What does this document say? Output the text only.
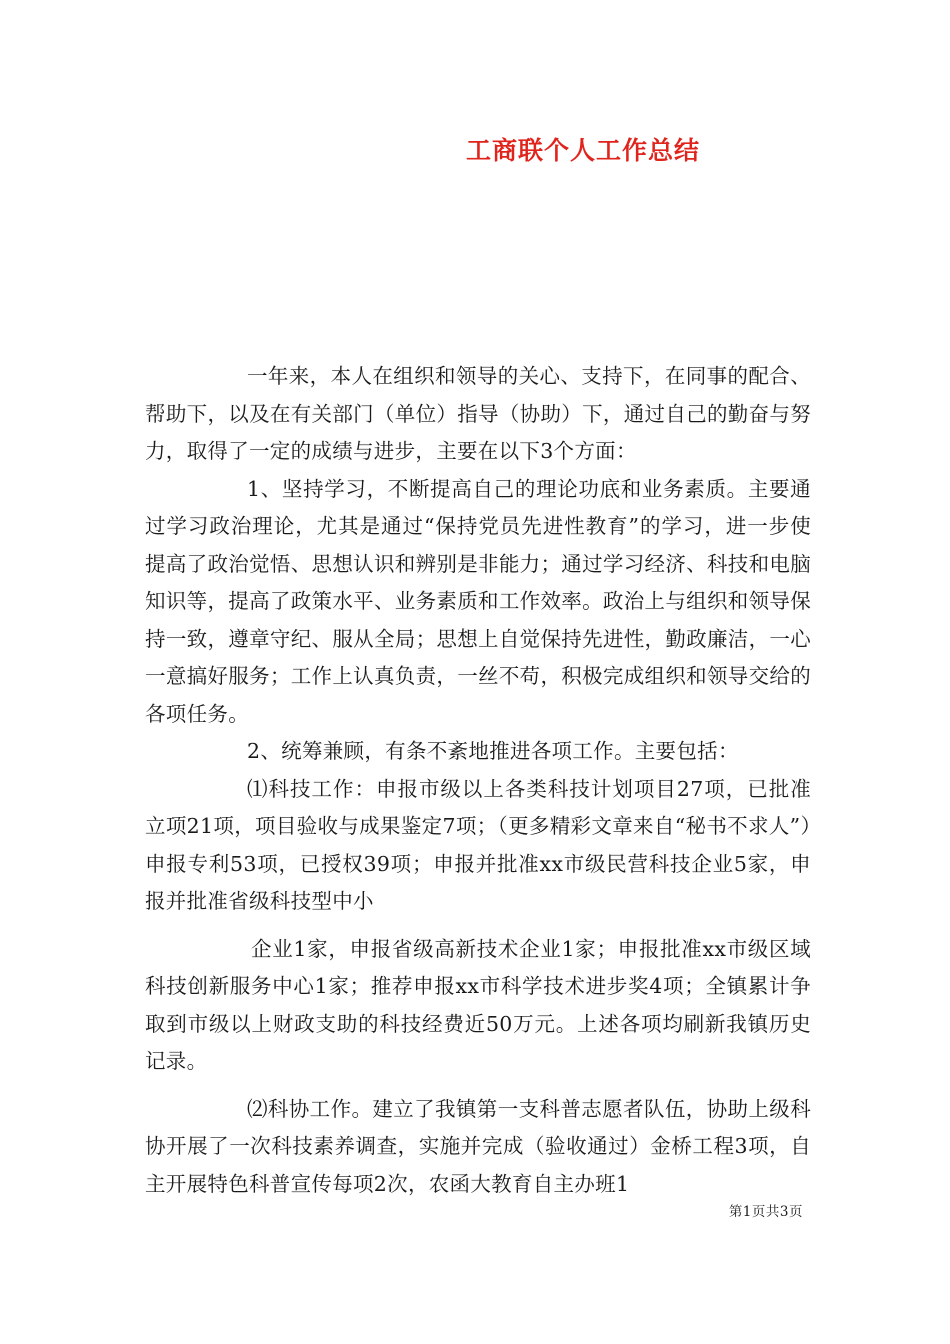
工商联个人工作总结

一年来，本人在组织和领导的关心、支持下，在同事的配合、帮助下，以及在有关部门（单位）指导（协助）下，通过自己的勤奋与努力，取得了一定的成绩与进步，主要在以下3个方面：

1、坚持学习，不断提高自己的理论功底和业务素质。主要通过学习政治理论，尤其是通过“保持党员先进性教育”的学习，进一步使提高了政治觉悟、思想认识和辨别是非能力；通过学习经济、科技和电脑知识等，提高了政策水平、业务素质和工作效率。政治上与组织和领导保持一致，遵章守纪、服从全局；思想上自觉保持先进性，勤政廉洁，一心一意搞好服务；工作上认真负责，一丝不苟，积极完成组织和领导交给的各项任务。

2、统筹兼顾，有条不紊地推进各项工作。主要包括：

⑴科技工作：申报市级以上各类科技计划项目27项，已批准立项21项，项目验收与成果鉴定7项；（更多精彩文章来自“秘书不求人”）申报专利53项，已授权39项；申报并批准xx市级民营科技企业5家，申报并批准省级科技型中小

企业1家，申报省级高新技术企业1家；申报批准xx市级区域科技创新服务中心1家；推荐申报xx市科学技术进步奖4项；全镇累计争取到市级以上财政支助的科技经费近50万元。上述各项均刷新我镇历史记录。

⑵科协工作。建立了我镇第一支科普志愿者队伍，协助上级科协开展了一次科技素养调查，实施并完成（验收通过）金桥工程3项，自主开展特色科普宣传每项2次，农函大教育自主办班1

第1页共3页
